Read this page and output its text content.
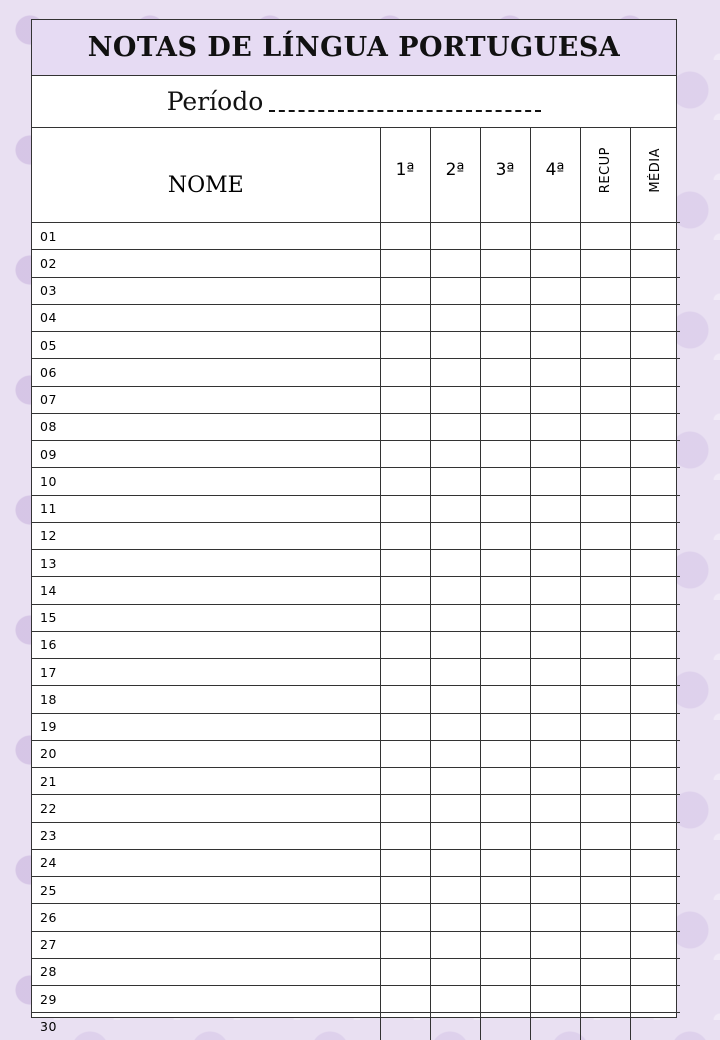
NOTAS DE LÍNGUA PORTUGUESA
Período
NOME	1ª	2ª	3ª	4ª	RECUP	MÉDIA
01						
02						
03						
04						
05						
06						
07						
08						
09						
10						
11						
12						
13						
14						
15						
16						
17						
18						
19						
20						
21						
22						
23						
24						
25						
26						
27						
28						
29						
30						
